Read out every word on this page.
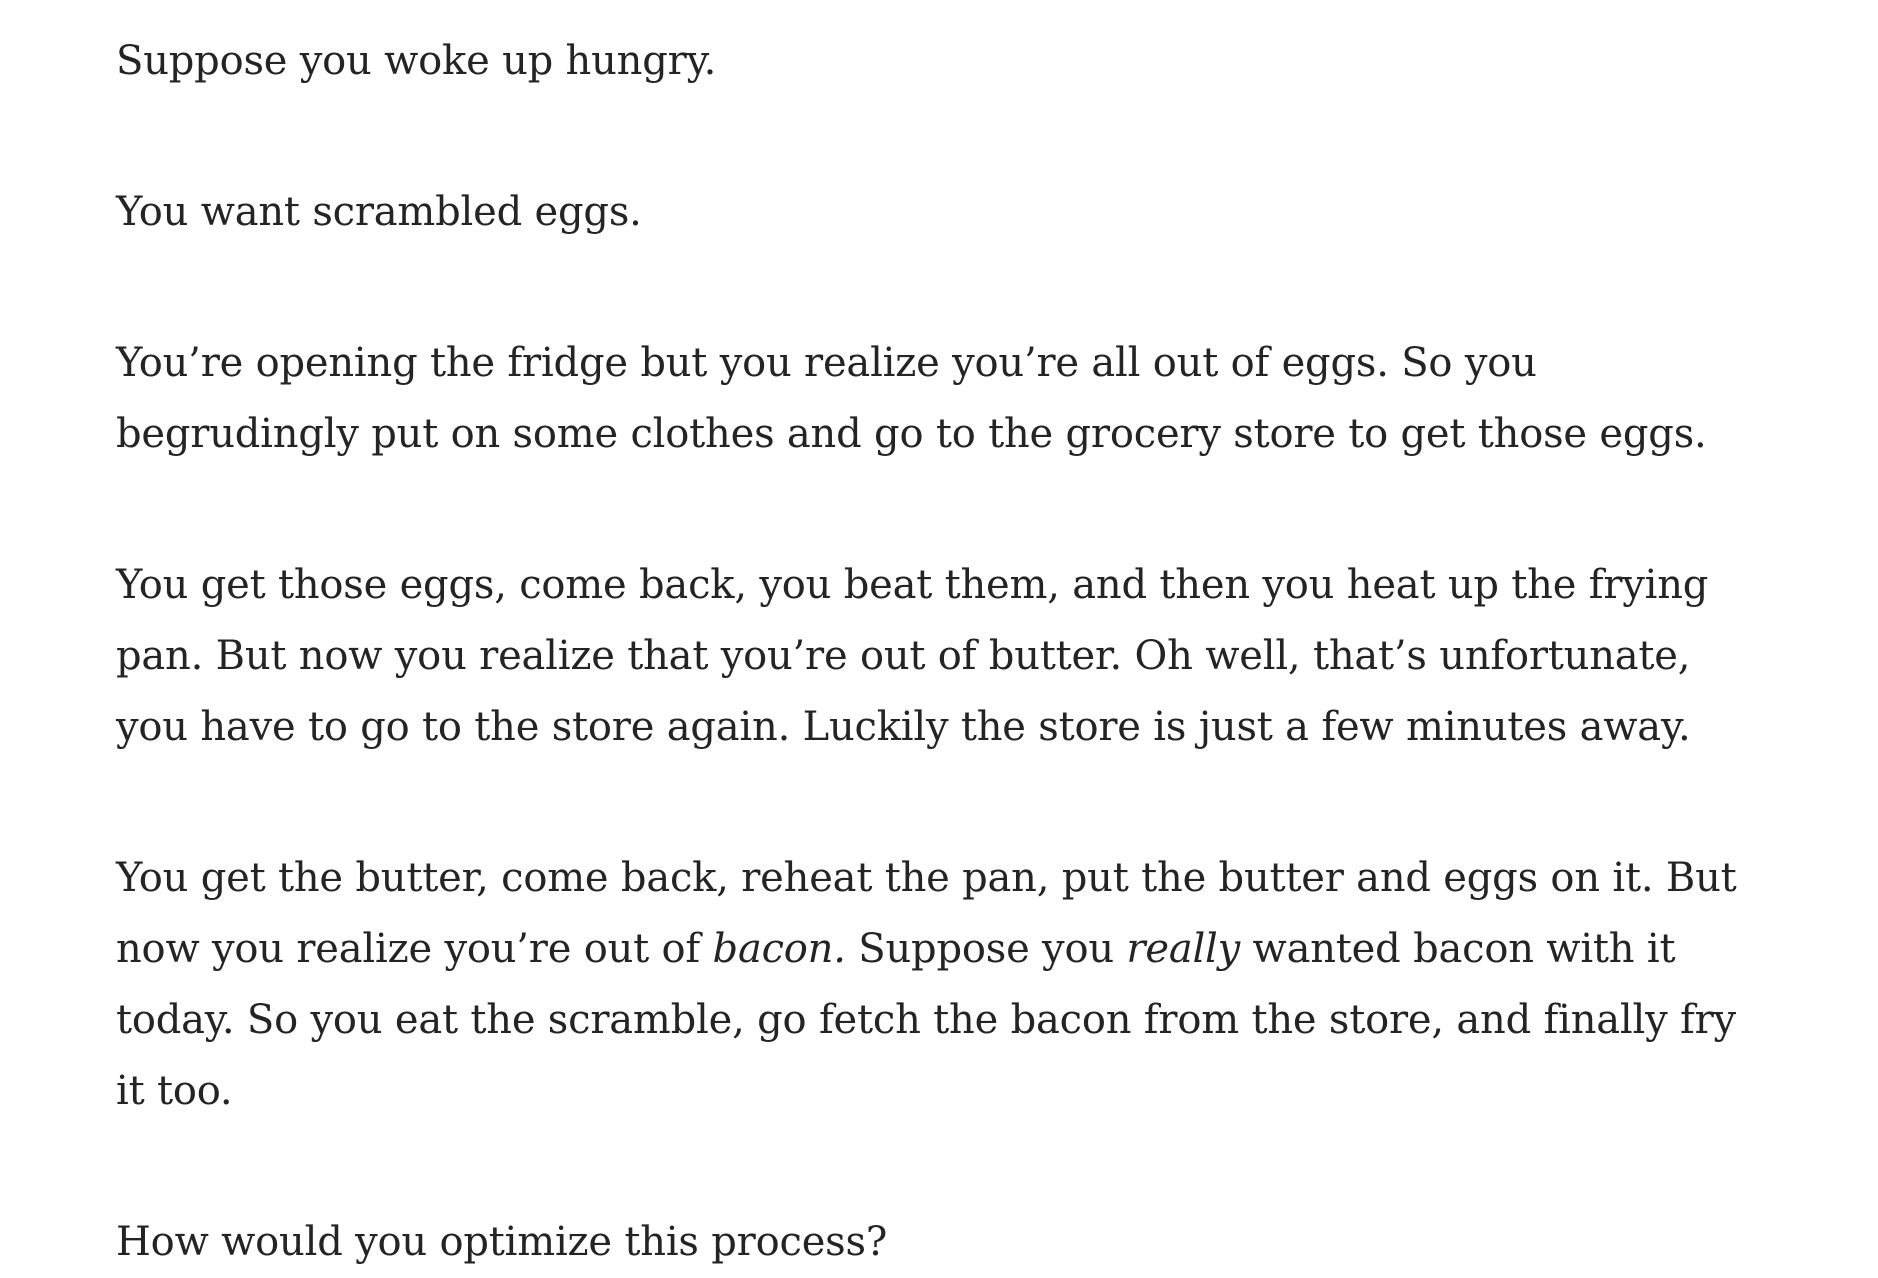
Suppose you woke up hungry.

You want scrambled eggs.

You’re opening the fridge but you realize you’re all out of eggs. So you begrudingly put on some clothes and go to the grocery store to get those eggs.

You get those eggs, come back, you beat them, and then you heat up the frying pan. But now you realize that you’re out of butter. Oh well, that’s unfortunate, you have to go to the store again. Luckily the store is just a few minutes away.

You get the butter, come back, reheat the pan, put the butter and eggs on it. But now you realize you’re out of bacon. Suppose you really wanted bacon with it today. So you eat the scramble, go fetch the bacon from the store, and finally fry it too.

How would you optimize this process?
